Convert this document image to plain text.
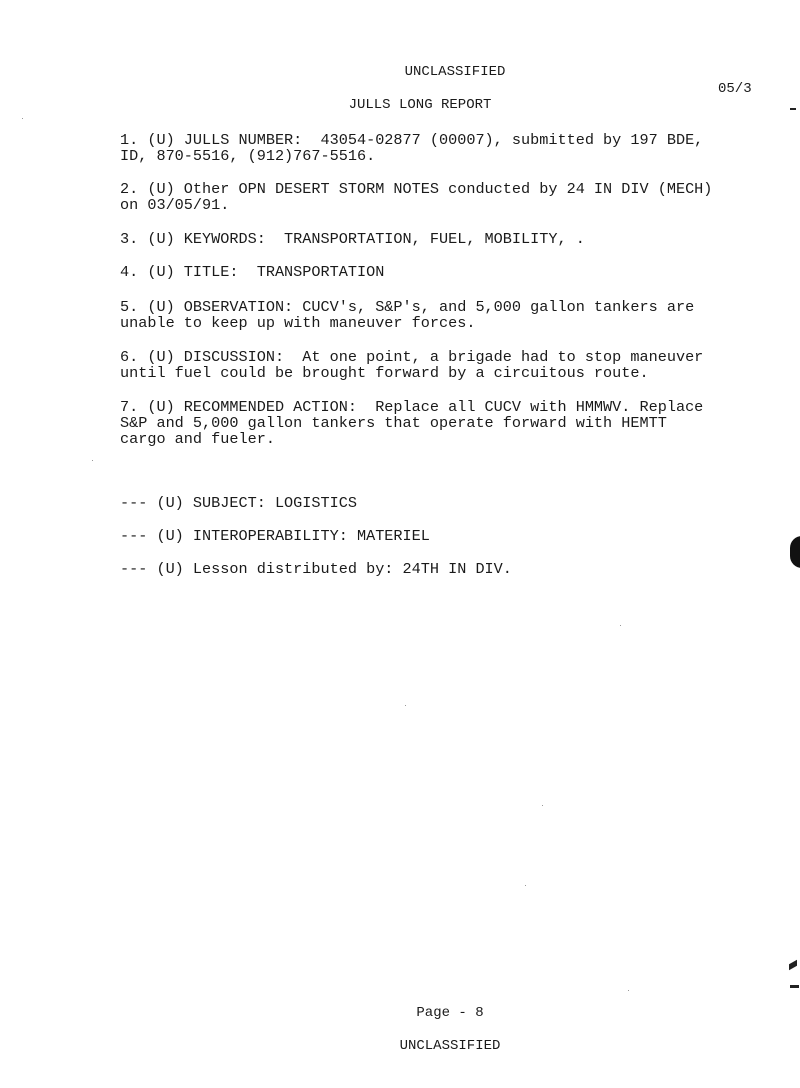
UNCLASSIFIED
05/3
JULLS LONG REPORT
1. (U) JULLS NUMBER:  43054-02877 (00007), submitted by 197 BDE,
ID, 870-5516, (912)767-5516.
2. (U) Other OPN DESERT STORM NOTES conducted by 24 IN DIV (MECH)
on 03/05/91.
3. (U) KEYWORDS:  TRANSPORTATION, FUEL, MOBILITY, .
4. (U) TITLE:  TRANSPORTATION
5. (U) OBSERVATION: CUCV's, S&P's, and 5,000 gallon tankers are
unable to keep up with maneuver forces.
6. (U) DISCUSSION:  At one point, a brigade had to stop maneuver
until fuel could be brought forward by a circuitous route.
7. (U) RECOMMENDED ACTION:  Replace all CUCV with HMMWV. Replace
S&P and 5,000 gallon tankers that operate forward with HEMTT
cargo and fueler.
--- (U) SUBJECT: LOGISTICS
--- (U) INTEROPERABILITY: MATERIEL
--- (U) Lesson distributed by: 24TH IN DIV.
Page - 8
UNCLASSIFIED
